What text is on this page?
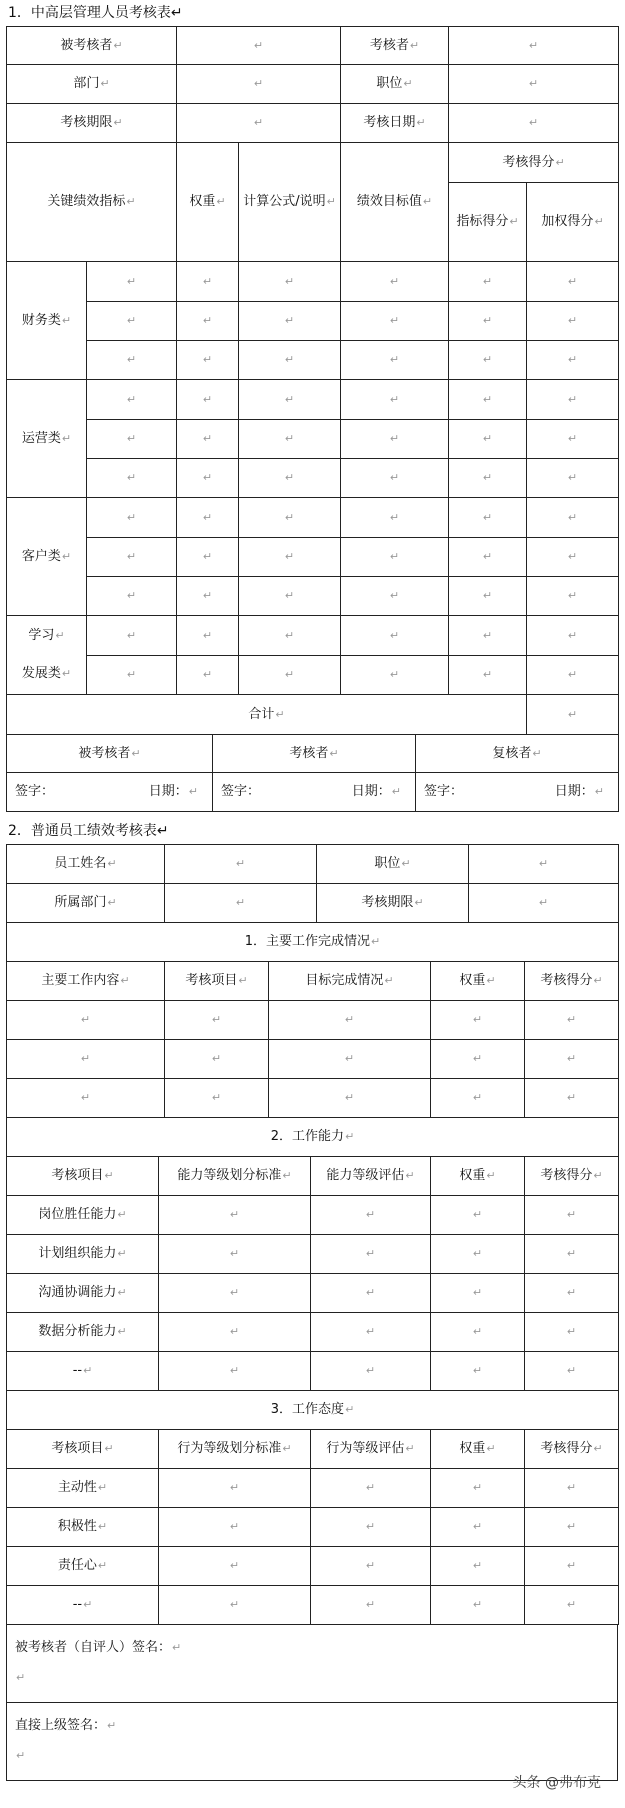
1．中高层管理人员考核表↵
被考核者↵		↵		考核者↵	↵	
部门↵		↵		职位↵	↵	
考核期限↵		↵		考核日期↵	↵	
关键绩效指标↵		权重↵	计算公式/说明↵	绩效目标值↵	考核得分↵	
					指标得分↵	加权得分↵
财务类↵	↵	↵	↵	↵	↵	↵
	↵	↵	↵	↵	↵	↵
	↵	↵	↵	↵	↵	↵
运营类↵	↵	↵	↵	↵	↵	↵
	↵	↵	↵	↵	↵	↵
	↵	↵	↵	↵	↵	↵
客户类↵	↵	↵	↵	↵	↵	↵
	↵	↵	↵	↵	↵	↵
	↵	↵	↵	↵	↵	↵
学习↵
发展类↵	↵	↵	↵	↵	↵	↵
	↵	↵	↵	↵	↵	↵
合计↵						↵
被考核者↵	考核者↵	复核者↵
签字： 日期：↵	签字： 日期：↵	签字： 日期：↵
2．普通员工绩效考核表↵
员工姓名↵	↵	职位↵	↵
所属部门↵	↵	考核期限↵	↵
1．主要工作完成情况↵				
主要工作内容↵	考核项目↵	目标完成情况↵	权重↵	考核得分↵
↵	↵	↵	↵	↵
↵	↵	↵	↵	↵
↵	↵	↵	↵	↵
2．工作能力↵				
考核项目↵	能力等级划分标准↵	能力等级评估↵	权重↵	考核得分↵
岗位胜任能力↵	↵	↵	↵	↵
计划组织能力↵	↵	↵	↵	↵
沟通协调能力↵	↵	↵	↵	↵
数据分析能力↵	↵	↵	↵	↵
--↵	↵	↵	↵	↵
3．工作态度↵				
考核项目↵	行为等级划分标准↵	行为等级评估↵	权重↵	考核得分↵
主动性↵	↵	↵	↵	↵
积极性↵	↵	↵	↵	↵
责任心↵	↵	↵	↵	↵
--↵	↵	↵	↵	↵
被考核者（自评人）签名：↵
↵
直接上级签名：↵
↵
头条 @弗布克
